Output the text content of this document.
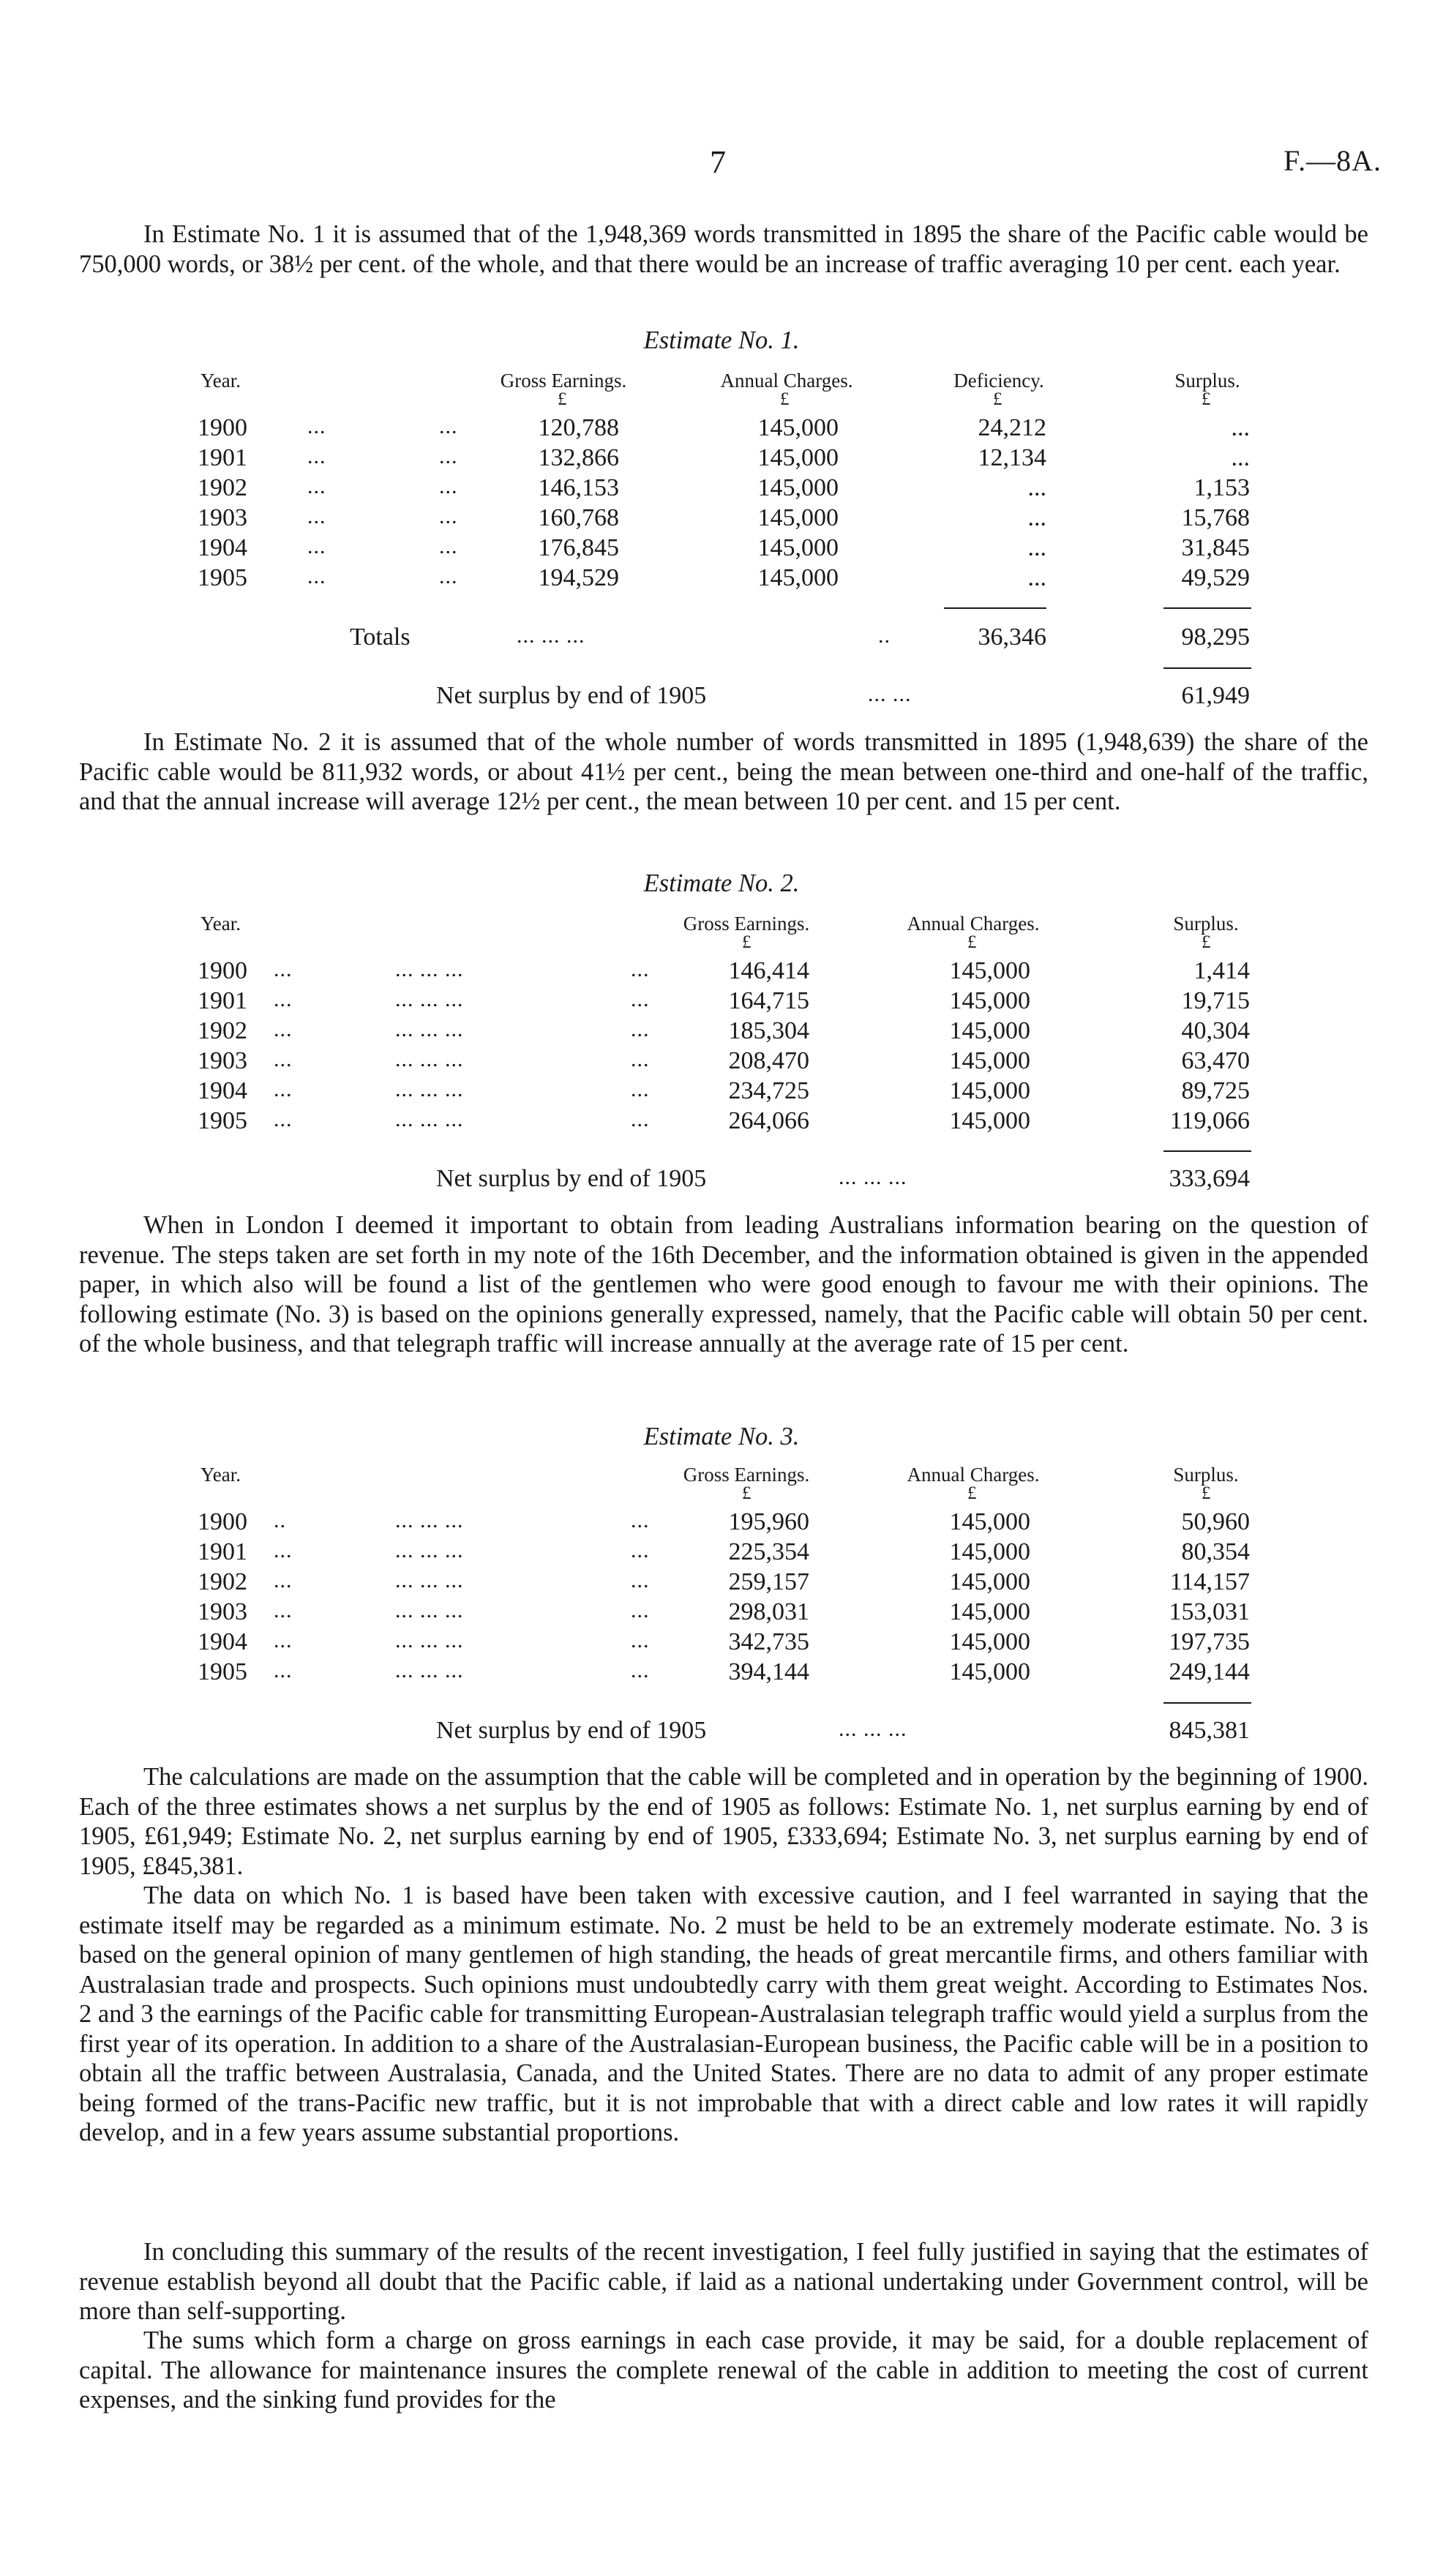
7	F.—8A.

In Estimate No. 1 it is assumed that of the 1,948,369 words transmitted in 1895 the share of the Pacific cable would be 750,000 words, or 38½ per cent. of the whole, and that there would be an increase of traffic averaging 10 per cent. each year.

Estimate No. 1.
Year.	Gross Earnings.	Annual Charges.	Deficiency.	Surplus.
£	£	£	£
1900	...	...	120,788	145,000	24,212	...
1901	...	...	132,866	145,000	12,134	...
1902	...	...	146,153	145,000	...	1,153
1903	...	...	160,768	145,000	...	15,768
1904	...	...	176,845	145,000	...	31,845
1905	...	...	194,529	145,000	...	49,529
Totals	... ... ...	..	36,346	98,295
Net surplus by end of 1905	... ...	61,949

In Estimate No. 2 it is assumed that of the whole number of words transmitted in 1895 (1,948,639) the share of the Pacific cable would be 811,932 words, or about 41½ per cent., being the mean between one-third and one-half of the traffic, and that the annual increase will average 12½ per cent., the mean between 10 per cent. and 15 per cent.

Estimate No. 2.
Year.	Gross Earnings.	Annual Charges.	Surplus.
£	£	£
1900 ...	... ... ...	...	146,414	145,000	1,414
1901 ...	... ... ...	...	164,715	145,000	19,715
1902 ...	... ... ...	...	185,304	145,000	40,304
1903 ...	... ... ...	...	208,470	145,000	63,470
1904 ...	... ... ...	...	234,725	145,000	89,725
1905 ...	... ... ...	...	264,066	145,000	119,066
Net surplus by end of 1905	... ... ...	333,694

When in London I deemed it important to obtain from leading Australians information bearing on the question of revenue. The steps taken are set forth in my note of the 16th December, and the information obtained is given in the appended paper, in which also will be found a list of the gentlemen who were good enough to favour me with their opinions. The following estimate (No. 3) is based on the opinions generally expressed, namely, that the Pacific cable will obtain 50 per cent. of the whole business, and that telegraph traffic will increase annually at the average rate of 15 per cent.

Estimate No. 3.
Year.	Gross Earnings.	Annual Charges.	Surplus.
£	£	£
1900 ..	... ... ...	...	195,960	145,000	50,960
1901 ...	... ... ...	...	225,354	145,000	80,354
1902 ...	... ... ...	...	259,157	145,000	114,157
1903 ...	... ... ...	...	298,031	145,000	153,031
1904 ...	... ... ...	...	342,735	145,000	197,735
1905 ...	... ... ...	...	394,144	145,000	249,144
Net surplus by end of 1905	... ... ...	845,381

The calculations are made on the assumption that the cable will be completed and in operation by the beginning of 1900. Each of the three estimates shows a net surplus by the end of 1905 as follows: Estimate No. 1, net surplus earning by end of 1905, £61,949; Estimate No. 2, net surplus earning by end of 1905, £333,694; Estimate No. 3, net surplus earning by end of 1905, £845,381.

The data on which No. 1 is based have been taken with excessive caution, and I feel warranted in saying that the estimate itself may be regarded as a minimum estimate. No. 2 must be held to be an extremely moderate estimate. No. 3 is based on the general opinion of many gentlemen of high standing, the heads of great mercantile firms, and others familiar with Australasian trade and prospects. Such opinions must undoubtedly carry with them great weight. According to Estimates Nos. 2 and 3 the earnings of the Pacific cable for transmitting European-Australasian telegraph traffic would yield a surplus from the first year of its operation. In addition to a share of the Australasian-European business, the Pacific cable will be in a position to obtain all the traffic between Australasia, Canada, and the United States. There are no data to admit of any proper estimate being formed of the trans-Pacific new traffic, but it is not improbable that with a direct cable and low rates it will rapidly develop, and in a few years assume substantial proportions.

In concluding this summary of the results of the recent investigation, I feel fully justified in saying that the estimates of revenue establish beyond all doubt that the Pacific cable, if laid as a national undertaking under Government control, will be more than self-supporting.

The sums which form a charge on gross earnings in each case provide, it may be said, for a double replacement of capital. The allowance for maintenance insures the complete renewal of the cable in addition to meeting the cost of current expenses, and the sinking fund provides for the
